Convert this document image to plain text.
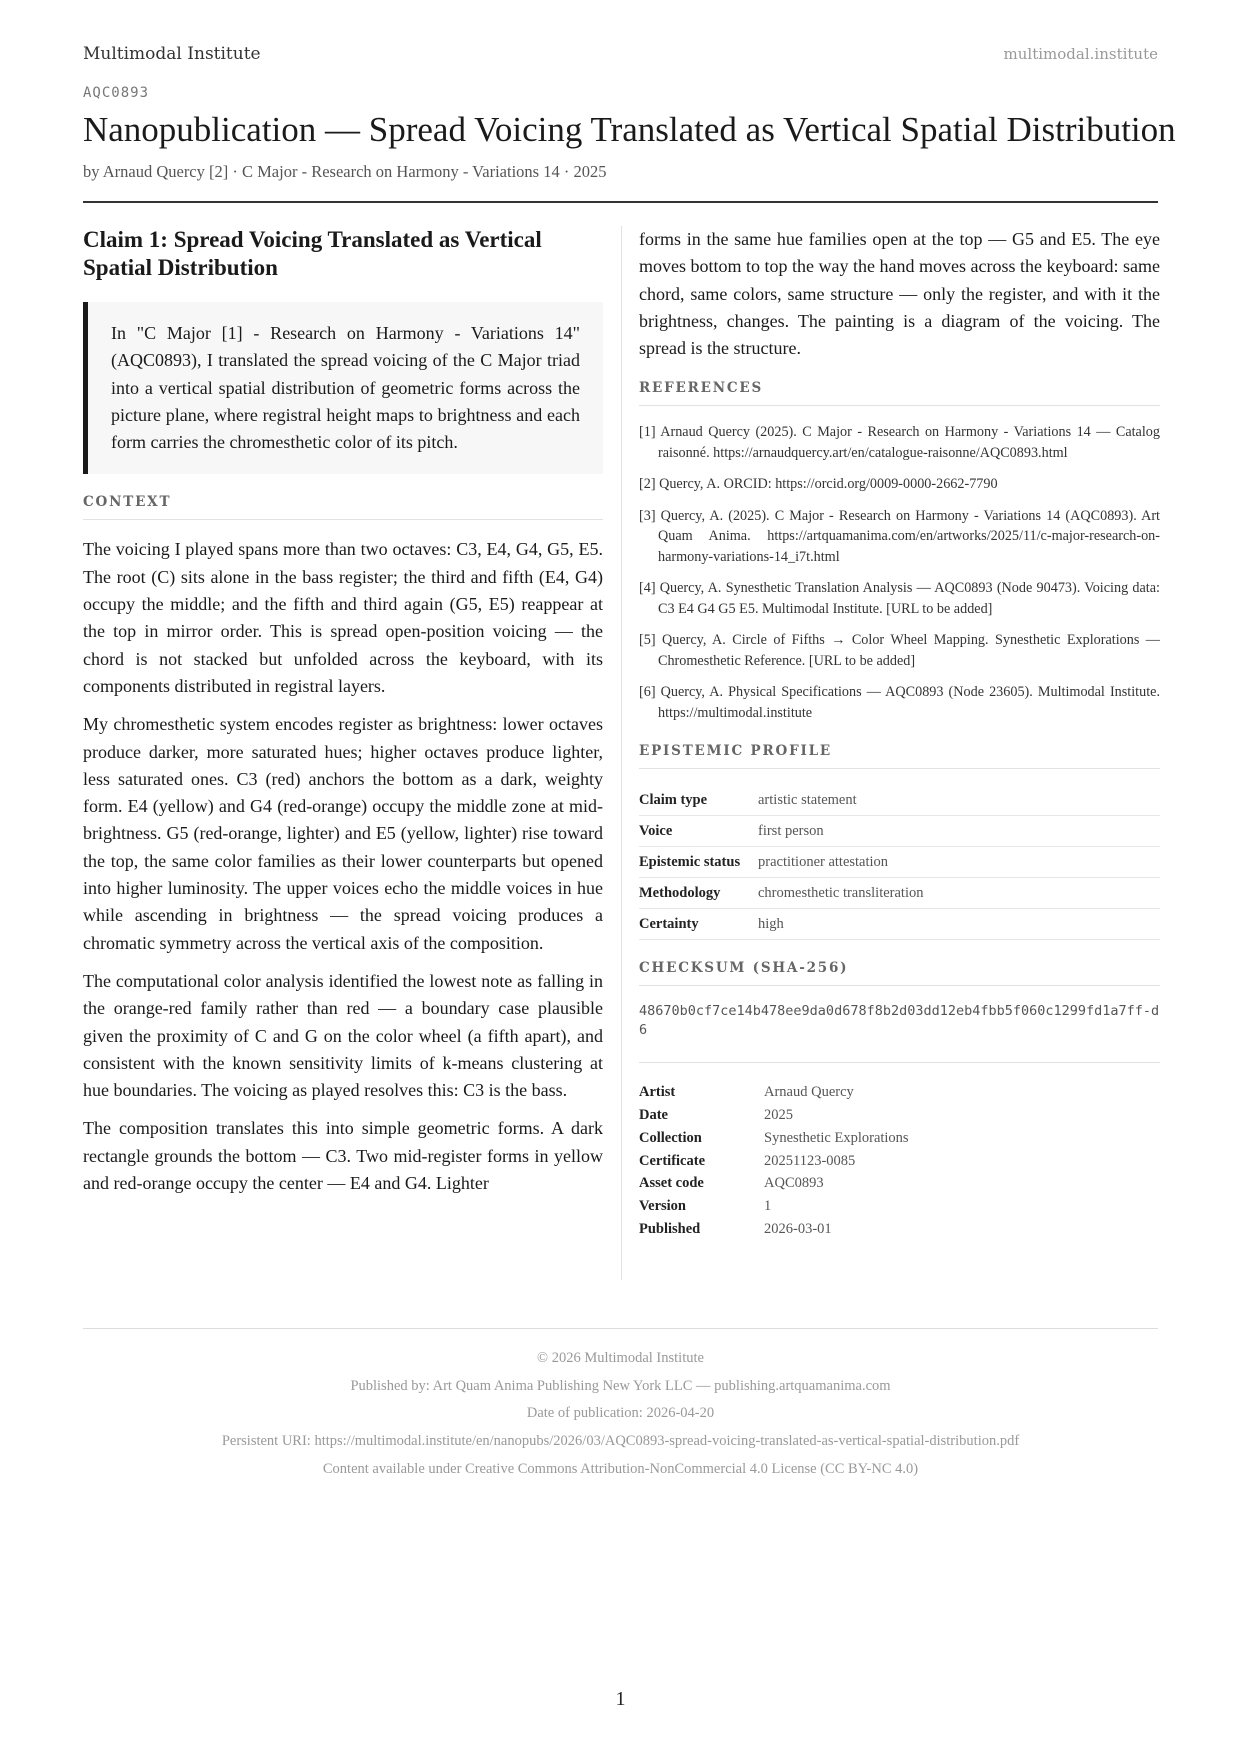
Multimodal Institute	multimodal.institute
AQC0893
Nanopublication — Spread Voicing Translated as Vertical Spatial Distribution
by Arnaud Quercy [2] · C Major - Research on Harmony - Variations 14 · 2025
Claim 1: Spread Voicing Translated as Vertical Spatial Distribution
In "C Major [1] - Research on Harmony - Variations 14" (AQC0893), I translated the spread voicing of the C Major triad into a vertical spatial distribution of geometric forms across the picture plane, where registral height maps to brightness and each form carries the chromesthetic color of its pitch.
CONTEXT

The voicing I played spans more than two octaves: C3, E4, G4, G5, E5. The root (C) sits alone in the bass register; the third and fifth (E4, G4) occupy the middle; and the fifth and third again (G5, E5) reappear at the top in mirror order. This is spread open-position voicing — the chord is not stacked but unfolded across the keyboard, with its components distributed in registral layers.

My chromesthetic system encodes register as brightness: lower octaves produce darker, more saturated hues; higher octaves produce lighter, less saturated ones. C3 (red) anchors the bottom as a dark, weighty form. E4 (yellow) and G4 (red-orange) occupy the middle zone at mid-brightness. G5 (red-orange, lighter) and E5 (yellow, lighter) rise toward the top, the same color families as their lower counterparts but opened into higher luminosity. The upper voices echo the middle voices in hue while ascending in brightness — the spread voicing produces a chromatic symmetry across the vertical axis of the composition.

The computational color analysis identified the lowest note as falling in the orange-red family rather than red — a boundary case plausible given the proximity of C and G on the color wheel (a fifth apart), and consistent with the known sensitivity limits of k-means clustering at hue boundaries. The voicing as played resolves this: C3 is the bass.

The composition translates this into simple geometric forms. A dark rectangle grounds the bottom — C3. Two mid-register forms in yellow and red-orange occupy the center — E4 and G4. Lighter

forms in the same hue families open at the top — G5 and E5. The eye moves bottom to top the way the hand moves across the keyboard: same chord, same colors, same structure — only the register, and with it the brightness, changes. The painting is a diagram of the voicing. The spread is the structure.

REFERENCES
[1] Arnaud Quercy (2025). C Major - Research on Harmony - Variations 14 — Catalog raisonné. https://arnaudquercy.art/en/catalogue-raisonne/AQC0893.html
[2] Quercy, A. ORCID: https://orcid.org/0009-0000-2662-7790
[3] Quercy, A. (2025). C Major - Research on Harmony - Variations 14 (AQC0893). Art Quam Anima. https://artquamanima.com/en/artworks/2025/11/c-major-research-on-harmony-variations-14_i7t.html
[4] Quercy, A. Synesthetic Translation Analysis — AQC0893 (Node 90473). Voicing data: C3 E4 G4 G5 E5. Multimodal Institute. [URL to be added]
[5] Quercy, A. Circle of Fifths → Color Wheel Mapping. Synesthetic Explorations — Chromesthetic Reference. [URL to be added]
[6] Quercy, A. Physical Specifications — AQC0893 (Node 23605). Multimodal Institute. https://multimodal.institute
EPISTEMIC PROFILE
Claim type	artistic statement
Voice	first person
Epistemic status	practitioner attestation
Methodology	chromesthetic transliteration
Certainty	high
CHECKSUM (SHA-256)
48670b0cf7ce14b478ee9da0d678f8b2d03dd12eb4fbb5f060c1299fd1a7ff-d6
Artist	Arnaud Quercy
Date	2025
Collection	Synesthetic Explorations
Certificate	20251123-0085
Asset code	AQC0893
Version	1
Published	2026-03-01
© 2026 Multimodal Institute
Published by: Art Quam Anima Publishing New York LLC — publishing.artquamanima.com
Date of publication: 2026-04-20
Persistent URI: https://multimodal.institute/en/nanopubs/2026/03/AQC0893-spread-voicing-translated-as-vertical-spatial-distribution.pdf
Content available under Creative Commons Attribution-NonCommercial 4.0 License (CC BY-NC 4.0)
1
